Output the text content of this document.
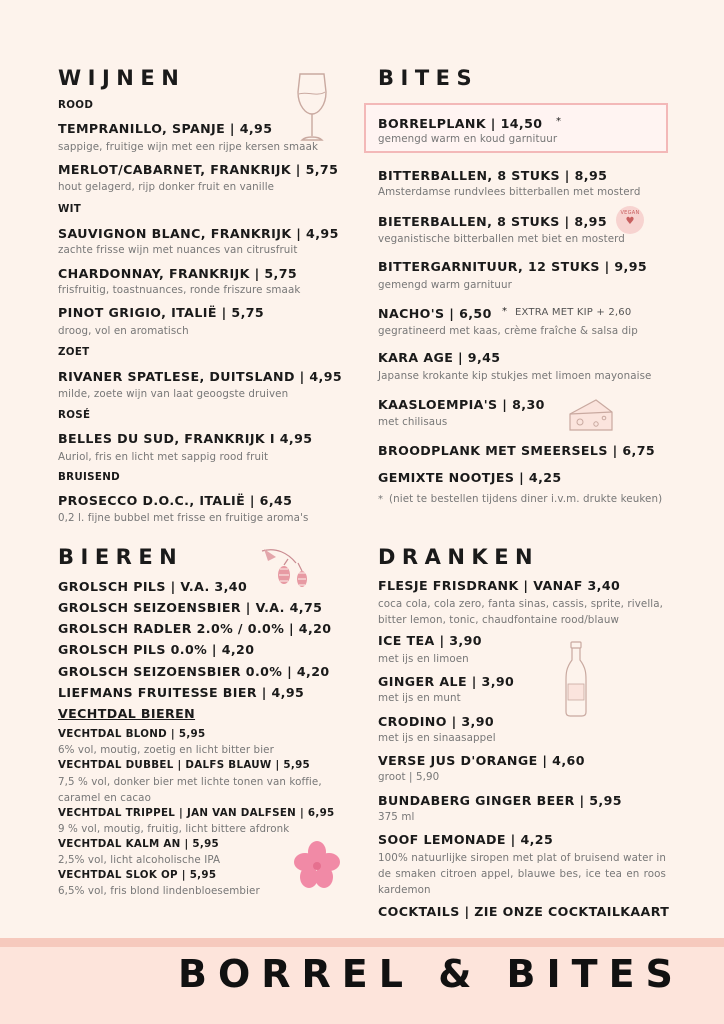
WIJNEN

ROOD

TEMPRANILLO, SPANJE | 4,95

sappige, fruitige wijn met een rijpe kersen smaak

MERLOT/CABARNET, FRANKRIJK | 5,75

hout gelagerd, rijp donker fruit en vanille

WIT

SAUVIGNON BLANC, FRANKRIJK | 4,95

zachte frisse wijn met nuances van citrusfruit

CHARDONNAY, FRANKRIJK | 5,75

frisfruitig, toastnuances, ronde friszure smaak

PINOT GRIGIO, ITALIË | 5,75

droog, vol en aromatisch

ZOET

RIVANER SPATLESE, DUITSLAND | 4,95

milde, zoete wijn van laat geoogste druiven

ROSÉ

BELLES DU SUD, FRANKRIJK I 4,95

Auriol, fris en licht met sappig rood fruit

BRUISEND

PROSECCO D.O.C., ITALIË | 6,45

0,2 l. fijne bubbel met frisse en fruitige aroma's

BITES

BORRELPLANK | 14,50 *

gemengd warm en koud garnituur

BITTERBALLEN, 8 STUKS | 8,95

Amsterdamse rundvlees bitterballen met mosterd

BIETERBALLEN, 8 STUKS | 8,95

VEGAN
♥

veganistische bitterballen met biet en mosterd

BITTERGARNITUUR, 12 STUKS | 9,95

gemengd warm garnituur

NACHO'S | 6,50 * EXTRA MET KIP + 2,60

gegratineerd met kaas, crème fraîche & salsa dip

KARA AGE | 9,45

Japanse krokante kip stukjes met limoen mayonaise

KAASLOEMPIA'S | 8,30

met chilisaus

BROODPLANK MET SMEERSELS | 6,75

GEMIXTE NOOTJES | 4,25

* (niet te bestellen tijdens diner i.v.m. drukte keuken)

BIEREN

GROLSCH PILS | V.A. 3,40

GROLSCH SEIZOENSBIER | V.A. 4,75

GROLSCH RADLER 2.0% / 0.0% | 4,20

GROLSCH PILS 0.0% | 4,20

GROLSCH SEIZOENSBIER 0.0% | 4,20

LIEFMANS FRUITESSE BIER | 4,95

VECHTDAL BIEREN

VECHTDAL BLOND | 5,95

6% vol, moutig, zoetig en licht bitter bier

VECHTDAL DUBBEL | DALFS BLAUW | 5,95

7,5 % vol, donker bier met lichte tonen van koffie, caramel en cacao

VECHTDAL TRIPPEL | JAN VAN DALFSEN | 6,95

9 % vol, moutig, fruitig, licht bittere afdronk

VECHTDAL KALM AN | 5,95

2,5% vol, licht alcoholische IPA

VECHTDAL SLOK OP | 5,95

6,5% vol, fris blond lindenbloesembier

DRANKEN

FLESJE FRISDRANK | VANAF 3,40

coca cola, cola zero, fanta sinas, cassis, sprite, rivella, bitter lemon, tonic, chaudfontaine rood/blauw

ICE TEA | 3,90

met ijs en limoen

GINGER ALE | 3,90

met ijs en munt

CRODINO | 3,90

met ijs en sinaasappel

VERSE JUS D'ORANGE | 4,60

groot | 5,90

BUNDABERG GINGER BEER | 5,95

375 ml

SOOF LEMONADE | 4,25

100% natuurlijke siropen met plat of bruisend water in de smaken citroen appel, blauwe bes, ice tea en roos kardemon

COCKTAILS | ZIE ONZE COCKTAILKAART

BORREL & BITES
